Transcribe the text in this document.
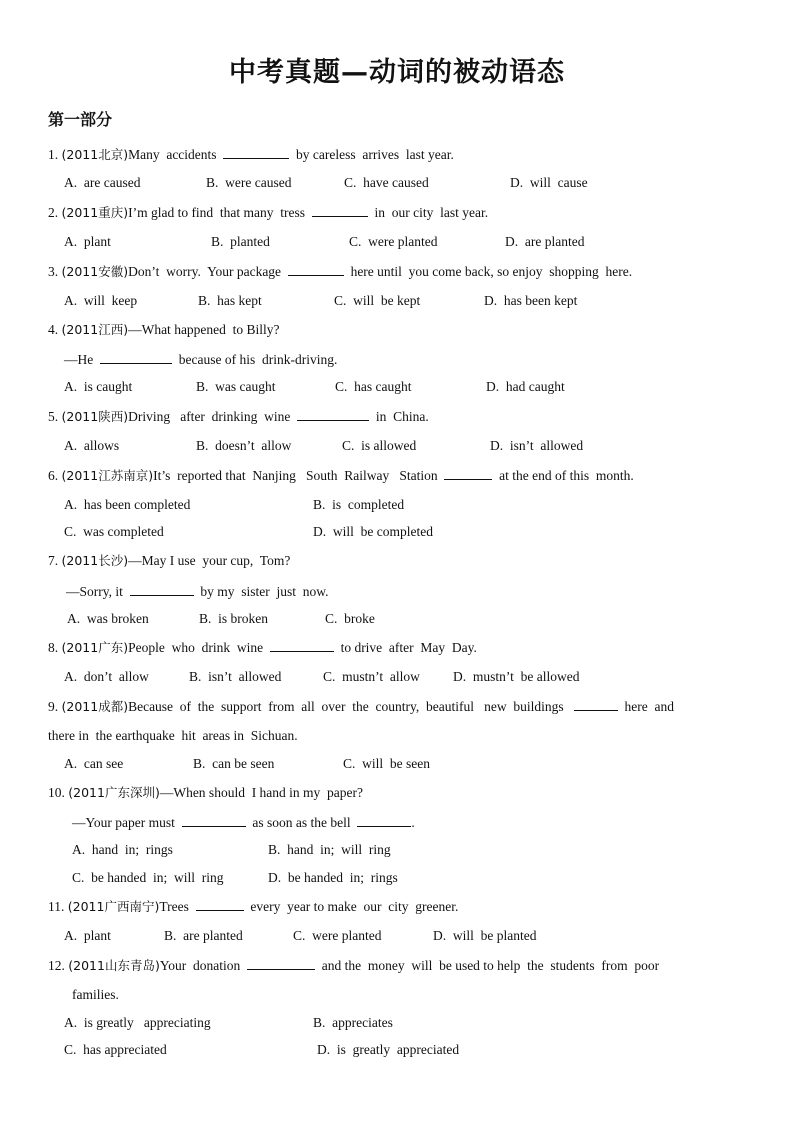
中考真题—动词的被动语态
第一部分
1. (2011北京)Many  accidents	by careless  arrives  last year.
A.  are caused	B.  were caused	C.  have caused	D.  will  cause
2. (2011重庆)I’m glad to find  that many  tress	in  our city  last year.
A.  plant	B.  planted	C.  were planted	D.  are planted
3. (2011安徽)Don’t  worry.  Your package	here until  you come back, so enjoy  shopping  here.
A.  will  keep	B.  has kept	C.  will  be kept	D.  has been kept
4. (2011江西)—What happened  to Billy?
—He	because of his  drink-driving.
A.  is caught	B.  was caught	C.  has caught	D.  had caught
5. (2011陕西)Driving   after  drinking  wine	in  China.
A.  allows	B.  doesn’t  allow	C.  is allowed	D.  isn’t  allowed
6. (2011江苏南京)It’s  reported that  Nanjing   South  Railway   Station	at the end of this  month.
A.  has been completed	B.  is  completed
C.  was completed	D.  will  be completed
7. (2011长沙)—May I use  your cup,  Tom?
—Sorry, it	by my  sister  just  now.
A.  was broken	B.  is broken	C.  broke
8. (2011广东)People  who  drink  wine	to drive  after  May  Day.
A.  don’t  allow	B.  isn’t  allowed	C.  mustn’t  allow D.  mustn’t  be allowed
9. (2011成都)Because  of  the  support  from  all  over  the  country,  beautiful   new  buildings	here  and
there in  the earthquake  hit  areas in  Sichuan.
A.  can see	B.  can be seen	C.  will  be seen
10. (2011广东深圳)—When should  I hand in my  paper?
—Your paper must	as soon as the bell	.
A.  hand  in;  rings	B.  hand  in;  will  ring
C.  be handed  in;  will  ring	D.  be handed  in;  rings
11. (2011广西南宁)Trees	every  year to make  our  city  greener.
A.  plant	B.  are planted	C.  were planted	D.  will  be planted
12. (2011山东青岛)Your  donation	and the  money  will  be used to help  the  students  from  poor
families.
A.  is greatly   appreciating	B.  appreciates
C.  has appreciated	D.  is  greatly  appreciated
